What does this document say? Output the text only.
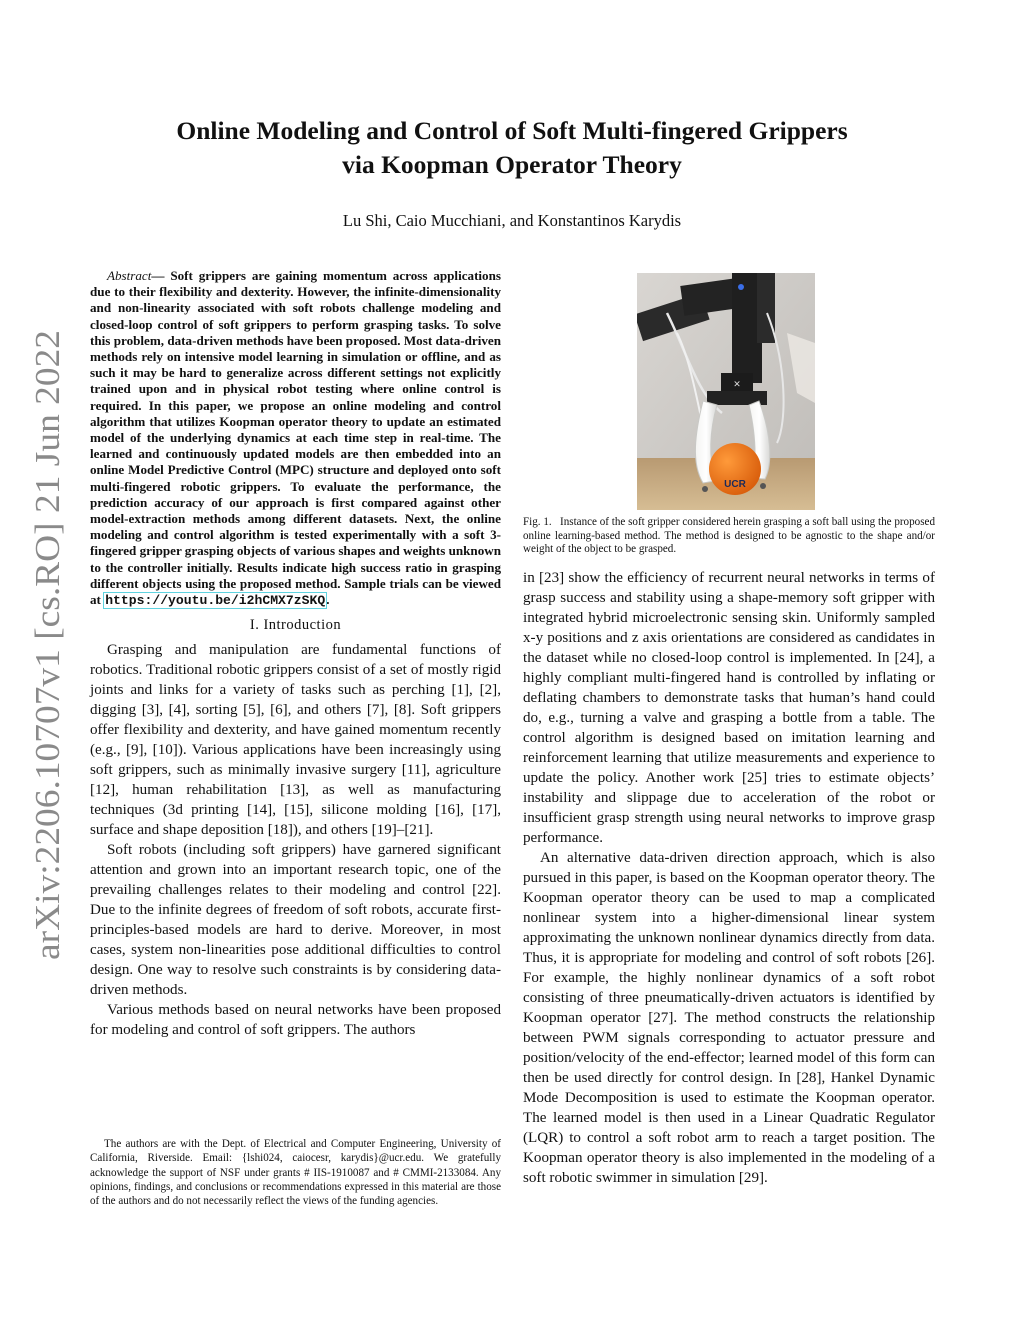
arXiv:2206.10707v1 [cs.RO] 21 Jun 2022
Online Modeling and Control of Soft Multi-fingered Grippers
via Koopman Operator Theory
Lu Shi, Caio Mucchiani, and Konstantinos Karydis

Abstract— Soft grippers are gaining momentum across applications due to their flexibility and dexterity. However, the infinite-dimensionality and non-linearity associated with soft robots challenge modeling and closed-loop control of soft grippers to perform grasping tasks. To solve this problem, data-driven methods have been proposed. Most data-driven methods rely on intensive model learning in simulation or offline, and as such it may be hard to generalize across different settings not explicitly trained upon and in physical robot testing where online control is required. In this paper, we propose an online modeling and control algorithm that utilizes Koopman operator theory to update an estimated model of the underlying dynamics at each time step in real-time. The learned and continuously updated models are then embedded into an online Model Predictive Control (MPC) structure and deployed onto soft multi-fingered robotic grippers. To evaluate the performance, the prediction accuracy of our approach is first compared against other model-extraction methods among different datasets. Next, the online modeling and control algorithm is tested experimentally with a soft 3-fingered gripper grasping objects of various shapes and weights unknown to the controller initially. Results indicate high success ratio in grasping different objects using the proposed method. Sample trials can be viewed at https://youtu.be/i2hCMX7zSKQ.

I. Introduction

Grasping and manipulation are fundamental functions of robotics. Traditional robotic grippers consist of a set of mostly rigid joints and links for a variety of tasks such as perching [1], [2], digging [3], [4], sorting [5], [6], and others [7], [8]. Soft grippers offer flexibility and dexterity, and have gained momentum recently (e.g., [9], [10]). Various applications have been increasingly using soft grippers, such as minimally invasive surgery [11], agriculture [12], human rehabilitation [13], as well as manufacturing techniques (3d printing [14], [15], silicone molding [16], [17], surface and shape deposition [18]), and others [19]–[21].

Soft robots (including soft grippers) have garnered significant attention and grown into an important research topic, one of the prevailing challenges relates to their modeling and control [22]. Due to the infinite degrees of freedom of soft robots, accurate first-principles-based models are hard to derive. Moreover, in most cases, system non-linearities pose additional difficulties to control design. One way to resolve such constraints is by considering data-driven methods.

Various methods based on neural networks have been proposed for modeling and control of soft grippers. The authors

The authors are with the Dept. of Electrical and Computer Engineering, University of California, Riverside. Email: {lshi024, caiocesr, karydis}@ucr.edu. We gratefully acknowledge the support of NSF under grants # IIS-1910087 and # CMMI-2133084. Any opinions, findings, and conclusions or recommendations expressed in this material are those of the authors and do not necessarily reflect the views of the funding agencies.

✕
UCR

Fig. 1. Instance of the soft gripper considered herein grasping a soft ball using the proposed online learning-based method. The method is designed to be agnostic to the shape and/or weight of the object to be grasped.

in [23] show the efficiency of recurrent neural networks in terms of grasp success and stability using a shape-memory soft gripper with integrated hybrid microelectronic sensing skin. Uniformly sampled x-y positions and z axis orientations are considered as candidates in the dataset while no closed-loop control is implemented. In [24], a highly compliant multi-fingered hand is controlled by inflating or deflating chambers to demonstrate tasks that human’s hand could do, e.g., turning a valve and grasping a bottle from a table. The control algorithm is designed based on imitation learning and reinforcement learning that utilize measurements and experience to update the policy. Another work [25] tries to estimate objects’ instability and slippage due to acceleration of the robot or insufficient grasp strength using neural networks to improve grasp performance.

An alternative data-driven direction approach, which is also pursued in this paper, is based on the Koopman operator theory. The Koopman operator theory can be used to map a complicated nonlinear system into a higher-dimensional linear system approximating the unknown nonlinear dynamics directly from data. Thus, it is appropriate for modeling and control of soft robots [26]. For example, the highly nonlinear dynamics of a soft robot consisting of three pneumatically-driven actuators is identified by Koopman operator [27]. The method constructs the relationship between PWM signals corresponding to actuator pressure and position/velocity of the end-effector; learned model of this form can then be used directly for control design. In [28], Hankel Dynamic Mode Decomposition is used to estimate the Koopman operator. The learned model is then used in a Linear Quadratic Regulator (LQR) to control a soft robot arm to reach a target position. The Koopman operator theory is also implemented in the modeling of a soft robotic swimmer in simulation [29].
